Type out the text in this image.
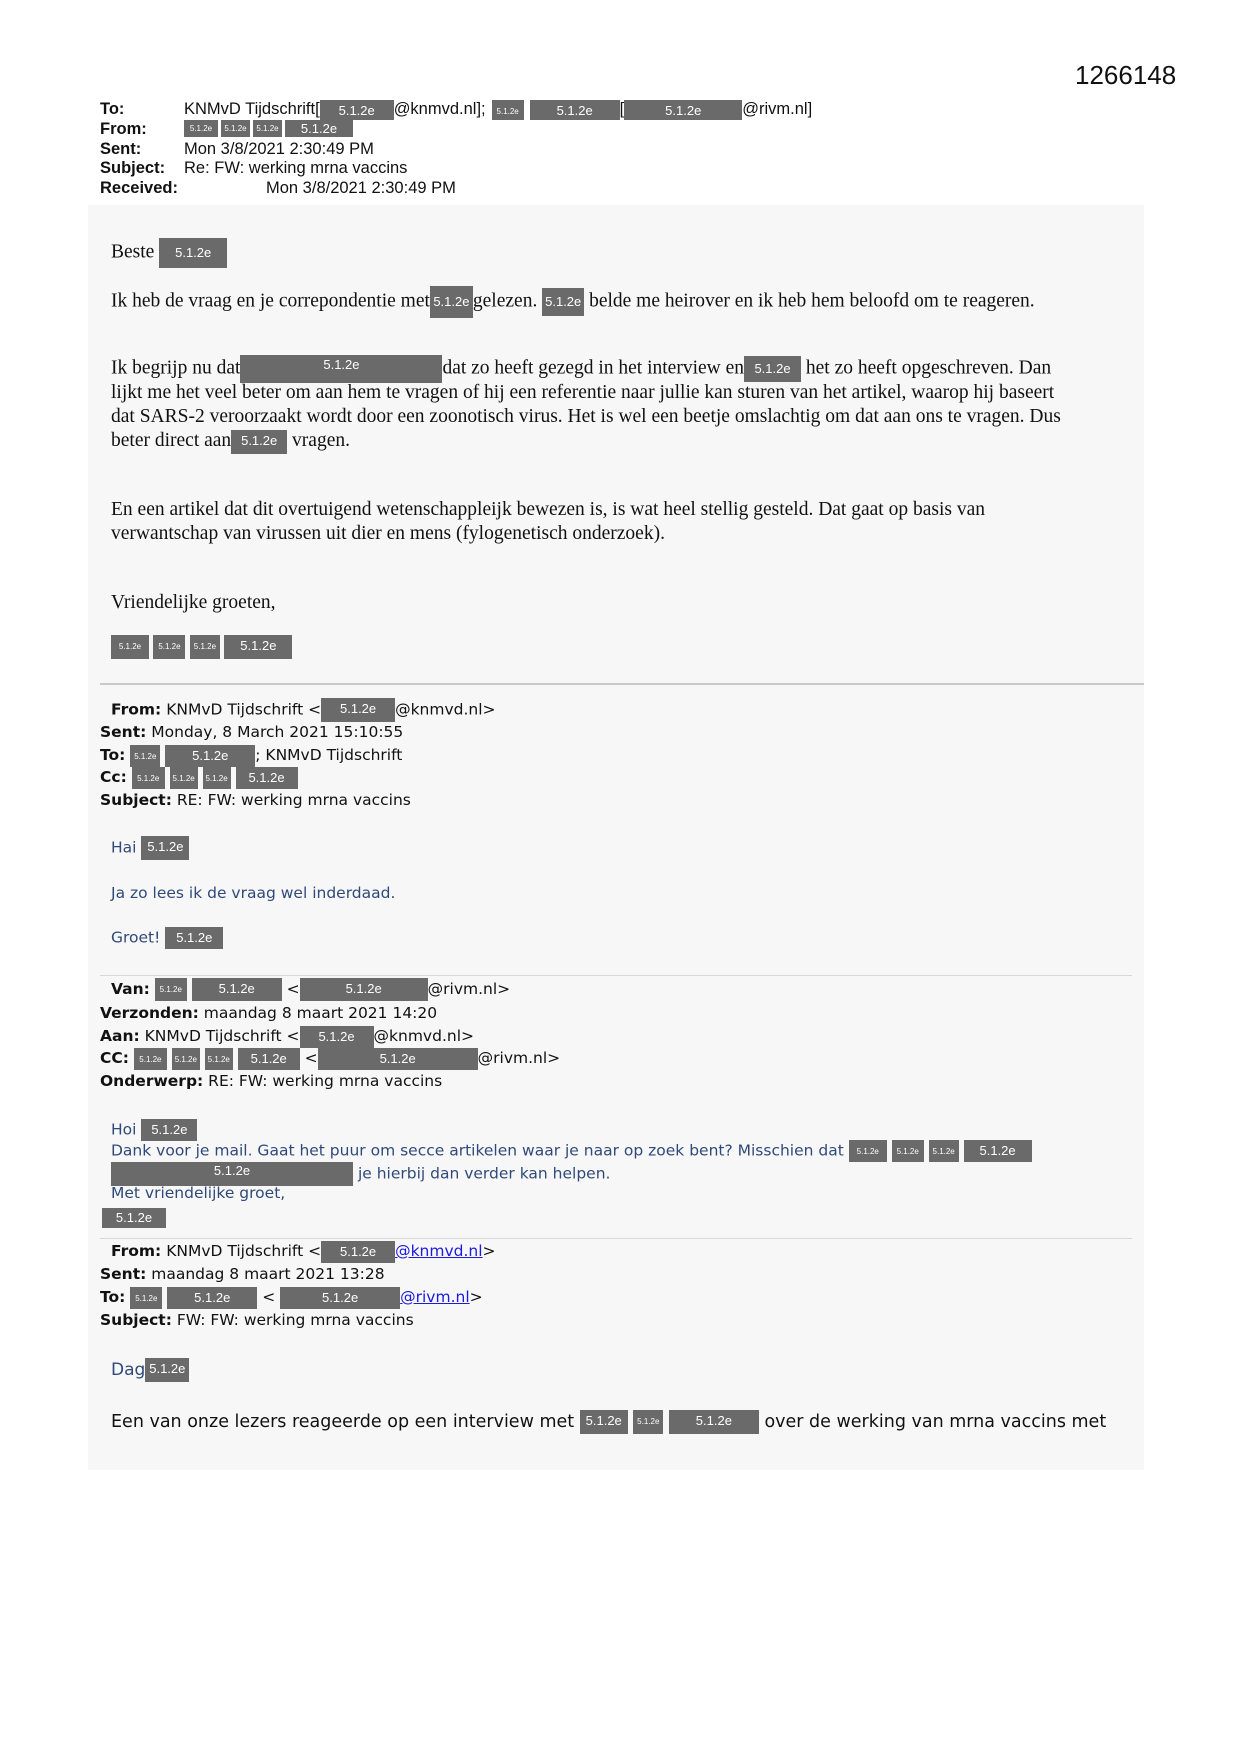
1266148
To:	KNMvD Tijdschrift[	5.1.2e	@knmvd.nl];	5.1.2e	5.1.2e	[	5.1.2e	@rivm.nl]
From:	5.1.2e	5.1.2e	5.1.2e	5.1.2e
Sent:	Mon 3/8/2021 2:30:49 PM
Subject:	Re: FW: werking mrna vaccins
Received:	Mon 3/8/2021 2:30:49 PM
Beste 5.1.2e
Ik heb de vraag en je correpondentie met 5.1.2e gelezen. 5.1.2e belde me heirover en ik heb hem beloofd om te reageren.
Ik begrijp nu dat	5.1.2e	dat zo heeft gezegd in het interview en 5.1.2e het zo heeft opgeschreven. Dan
lijkt me het veel beter om aan hem te vragen of hij een referentie naar jullie kan sturen van het artikel, waarop hij baseert
dat SARS-2 veroorzaakt wordt door een zoonotisch virus. Het is wel een beetje omslachtig om dat aan ons te vragen. Dus
beter direct aan 5.1.2e vragen.
En een artikel dat dit overtuigend wetenschappleijk bewezen is, is wat heel stellig gesteld. Dat gaat op basis van
verwantschap van virussen uit dier en mens (fylogenetisch onderzoek).
Vriendelijke groeten,
5.1.2e 5.1.2e 5.1.2e 5.1.2e
From: KNMvD Tijdschrift < 5.1.2e @knmvd.nl>
Sent: Monday, 8 March 2021 15:10:55
To: 5.1.2e	5.1.2e ; KNMvD Tijdschrift
Cc: 5.1.2e 5.1.2e 5.1.2e 5.1.2e
Subject: RE: FW: werking mrna vaccins
Hai 5.1.2e
Ja zo lees ik de vraag wel inderdaad.
Groet! 5.1.2e
Van: 5.1.2e	5.1.2e <	5.1.2e	@rivm.nl>
Verzonden: maandag 8 maart 2021 14:20
Aan: KNMvD Tijdschrift < 5.1.2e @knmvd.nl>
CC: 5.1.2e 5.1.2e 5.1.2e 5.1.2e <	5.1.2e	@rivm.nl>
Onderwerp: RE: FW: werking mrna vaccins
Hoi 5.1.2e
Dank voor je mail. Gaat het puur om secce artikelen waar je naar op zoek bent? Misschien dat 5.1.2e 5.1.2e 5.1.2e 5.1.2e
5.1.2e	je hierbij dan verder kan helpen.
Met vriendelijke groet,
5.1.2e
From: KNMvD Tijdschrift < 5.1.2e @knmvd.nl>
Sent: maandag 8 maart 2021 13:28
To: 5.1.2e	5.1.2e <	5.1.2e	@rivm.nl>
Subject: FW: FW: werking mrna vaccins
Dag 5.1.2e
Een van onze lezers reageerde op een interview met 5.1.2e 5.1.2e	5.1.2e over de werking van mrna vaccins met
